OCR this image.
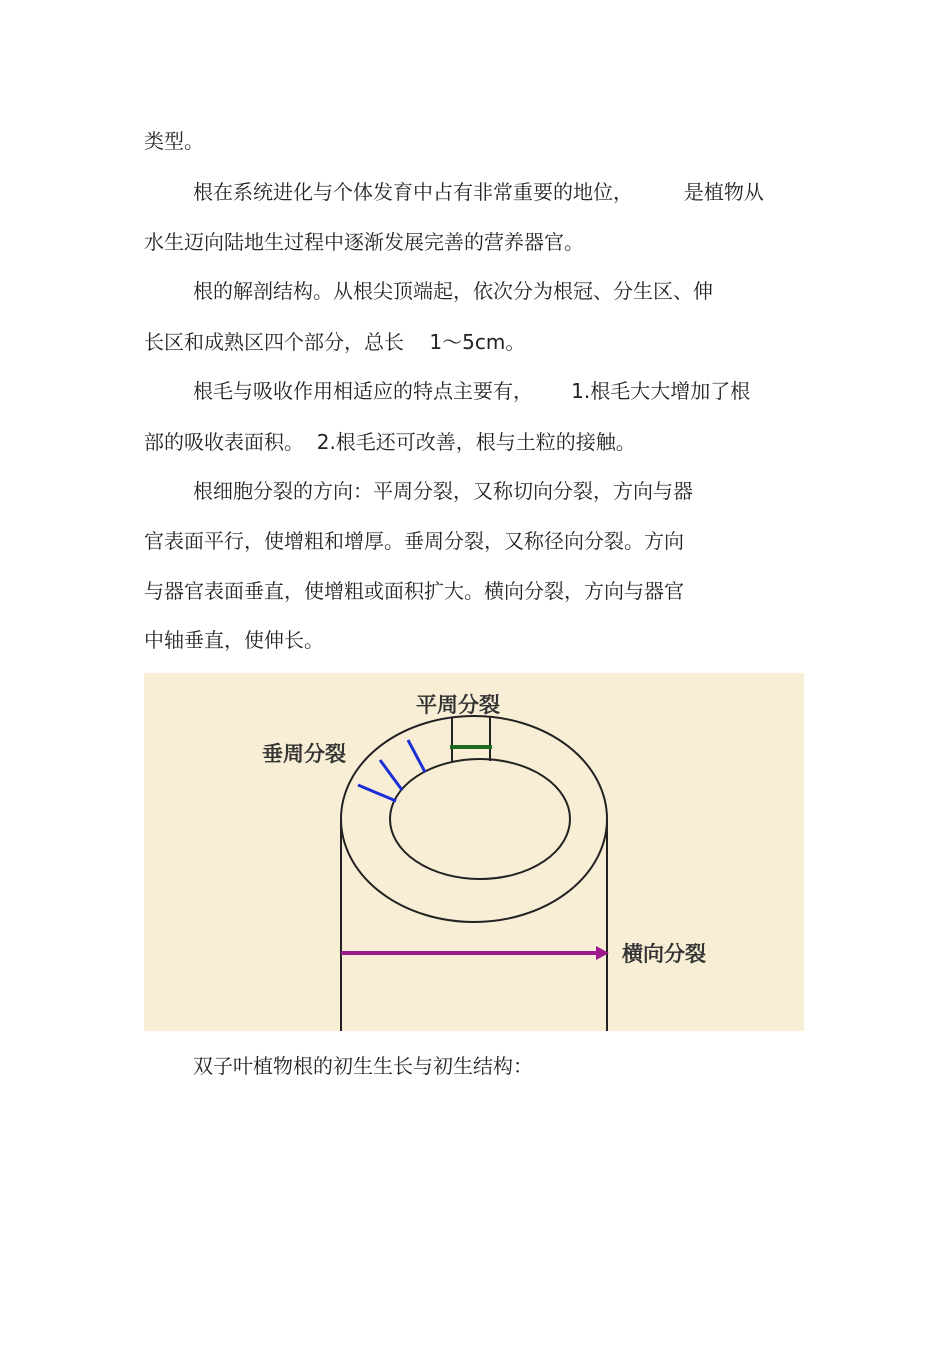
类型。

根在系统进化与个体发育中占有非常重要的地位，        是植物从

水生迈向陆地生过程中逐渐发展完善的营养器官。

根的解剖结构。从根尖顶端起，依次分为根冠、分生区、伸

长区和成熟区四个部分，总长    1～5cm。

根毛与吸收作用相适应的特点主要有，      1.根毛大大增加了根

部的吸收表面积。  2.根毛还可改善，根与土粒的接触。

根细胞分裂的方向：平周分裂，又称切向分裂，方向与器

官表面平行，使增粗和增厚。垂周分裂，又称径向分裂。方向

与器官表面垂直，使增粗或面积扩大。横向分裂，方向与器官

中轴垂直，使伸长。

平周分裂
垂周分裂
横向分裂

双子叶植物根的初生生长与初生结构：
